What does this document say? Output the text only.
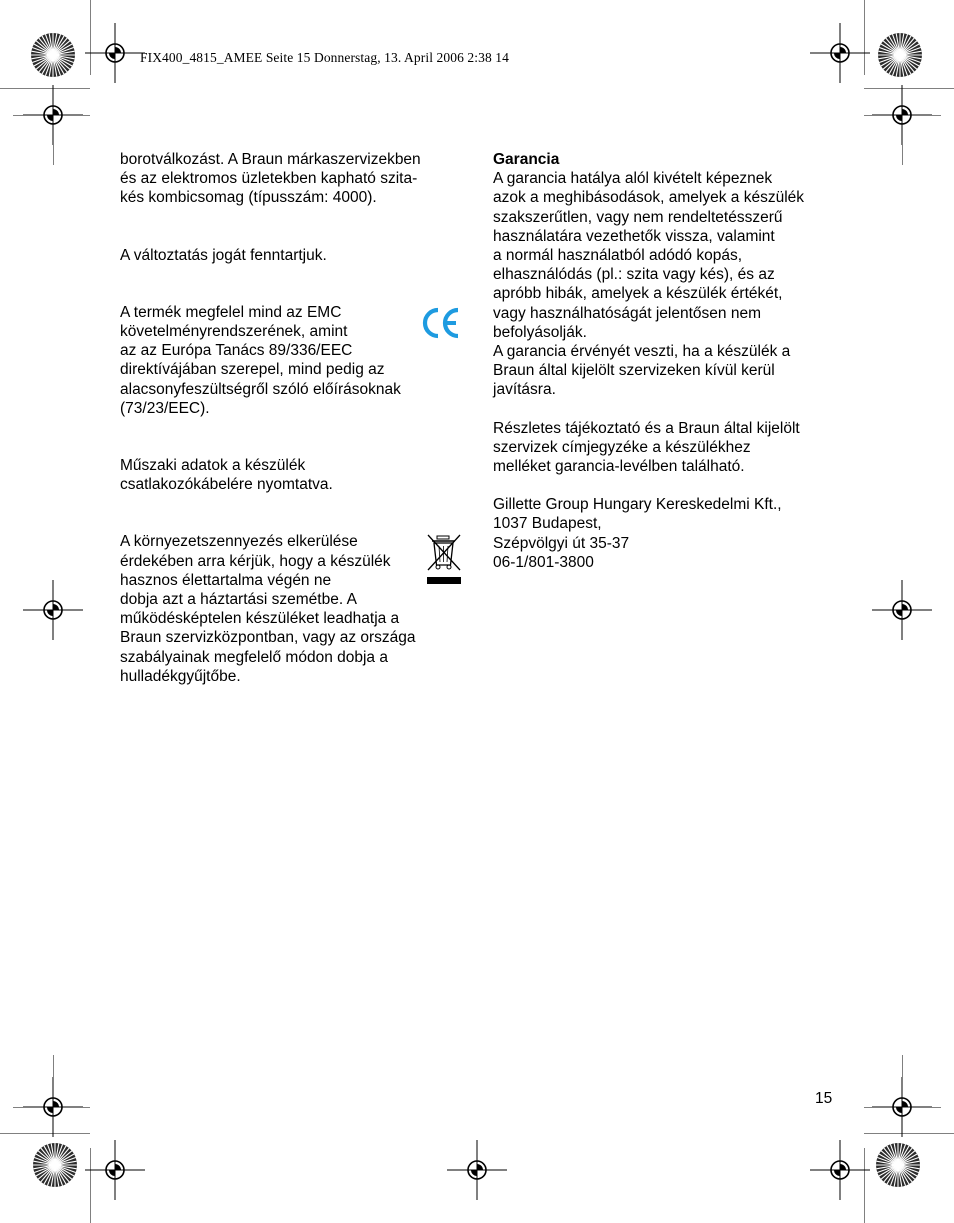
FIX400_4815_AMEE Seite 15 Donnerstag, 13. April 2006 2:38 14

borotválkozást. A Braun márkaszervizekben
és az elektromos üzletekben kapható szita-
kés kombicsomag (típusszám: 4000).

A változtatás jogát fenntartjuk.

A termék megfelel mind az EMC
követelményrendszerének, amint
az az Európa Tanács 89/336/EEC
direktívájában szerepel, mind pedig az
alacsonyfeszültségről szóló előírásoknak
(73/23/EEC).

Műszaki adatok a készülék
csatlakozókábelére nyomtatva.

A környezetszennyezés elkerülése
érdekében arra kérjük, hogy a készülék
hasznos élettartalma végén ne
dobja azt a háztartási szemétbe. A
működésképtelen készüléket leadhatja a
Braun szervizközpontban, vagy az országa
szabályainak megfelelő módon dobja a
hulladékgyűjtőbe.

Garancia
A garancia hatálya alól kivételt képeznek
azok a meghibásodások, amelyek a készülék
szakszerűtlen, vagy nem rendeltetésszerű
használatára vezethetők vissza, valamint
a normál használatból adódó kopás,
elhasználódás (pl.: szita vagy kés), és az
apróbb hibák, amelyek a készülék értékét,
vagy használhatóságát jelentősen nem
befolyásolják.
A garancia érvényét veszti, ha a készülék a
Braun által kijelölt szervizeken kívül kerül
javításra.

Részletes tájékoztató és a Braun által kijelölt
szervizek címjegyzéke a készülékhez
melléket garancia-levélben található.

Gillette Group Hungary Kereskedelmi Kft.,
1037 Budapest,
Szépvölgyi út 35-37
06-1/801-3800

15
